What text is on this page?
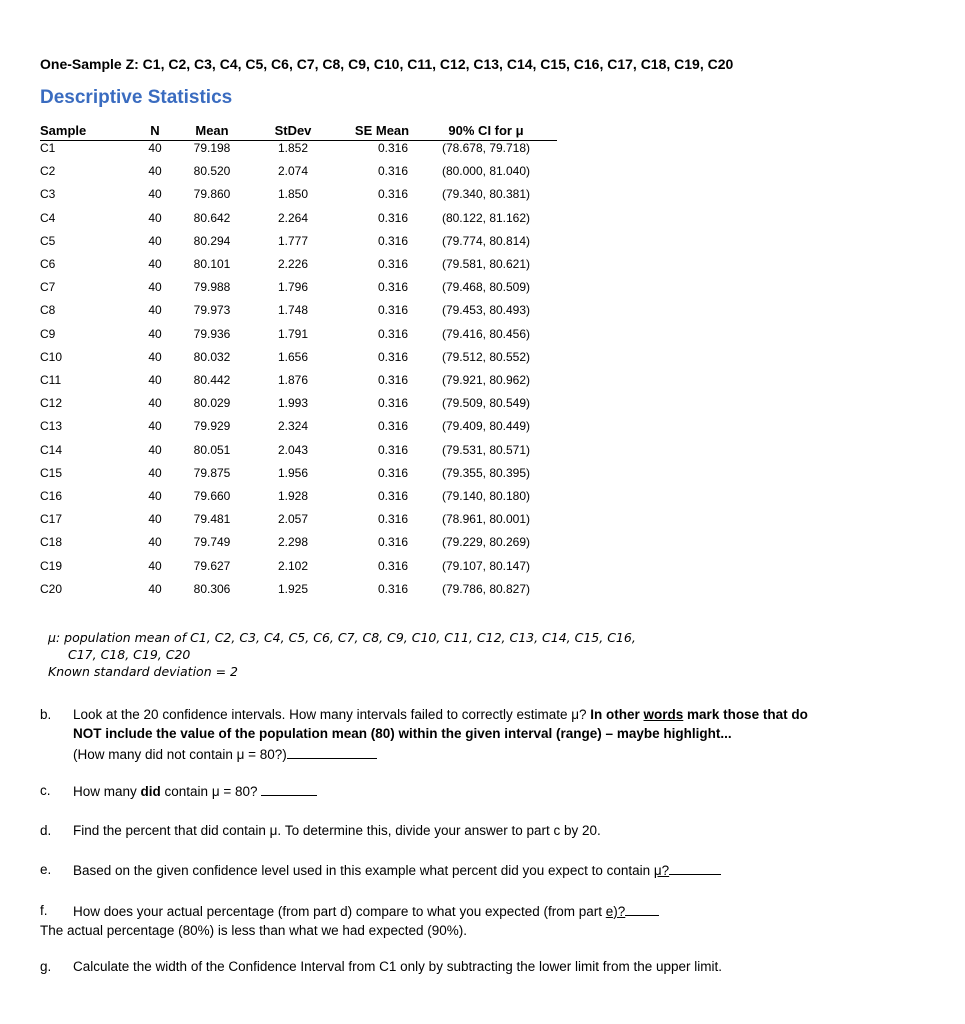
One-Sample Z: C1, C2, C3, C4, C5, C6, C7, C8, C9, C10, C11, C12, C13, C14, C15, C16, C17, C18, C19, C20
Descriptive Statistics
Sample	N	Mean	StDev	SE Mean	90% CI for μ
C1	40	79.198	1.852	0.316	(78.678, 79.718)
C2	40	80.520	2.074	0.316	(80.000, 81.040)
C3	40	79.860	1.850	0.316	(79.340, 80.381)
C4	40	80.642	2.264	0.316	(80.122, 81.162)
C5	40	80.294	1.777	0.316	(79.774, 80.814)
C6	40	80.101	2.226	0.316	(79.581, 80.621)
C7	40	79.988	1.796	0.316	(79.468, 80.509)
C8	40	79.973	1.748	0.316	(79.453, 80.493)
C9	40	79.936	1.791	0.316	(79.416, 80.456)
C10	40	80.032	1.656	0.316	(79.512, 80.552)
C11	40	80.442	1.876	0.316	(79.921, 80.962)
C12	40	80.029	1.993	0.316	(79.509, 80.549)
C13	40	79.929	2.324	0.316	(79.409, 80.449)
C14	40	80.051	2.043	0.316	(79.531, 80.571)
C15	40	79.875	1.956	0.316	(79.355, 80.395)
C16	40	79.660	1.928	0.316	(79.140, 80.180)
C17	40	79.481	2.057	0.316	(78.961, 80.001)
C18	40	79.749	2.298	0.316	(79.229, 80.269)
C19	40	79.627	2.102	0.316	(79.107, 80.147)
C20	40	80.306	1.925	0.316	(79.786, 80.827)
μ: population mean of C1, C2, C3, C4, C5, C6, C7, C8, C9, C10, C11, C12, C13, C14, C15, C16,
C17, C18, C19, C20
Known standard deviation = 2
b. Look at the 20 confidence intervals. How many intervals failed to correctly estimate μ? In other words mark those that do
NOT include the value of the population mean (80) within the given interval (range) – maybe highlight...
(How many did not contain μ = 80?)
c. How many did contain μ = 80?
d. Find the percent that did contain μ. To determine this, divide your answer to part c by 20.
e. Based on the given confidence level used in this example what percent did you expect to contain μ?
f. How does your actual percentage (from part d) compare to what you expected (from part e)?
The actual percentage (80%) is less than what we had expected (90%).
g. Calculate the width of the Confidence Interval from C1 only by subtracting the lower limit from the upper limit.
